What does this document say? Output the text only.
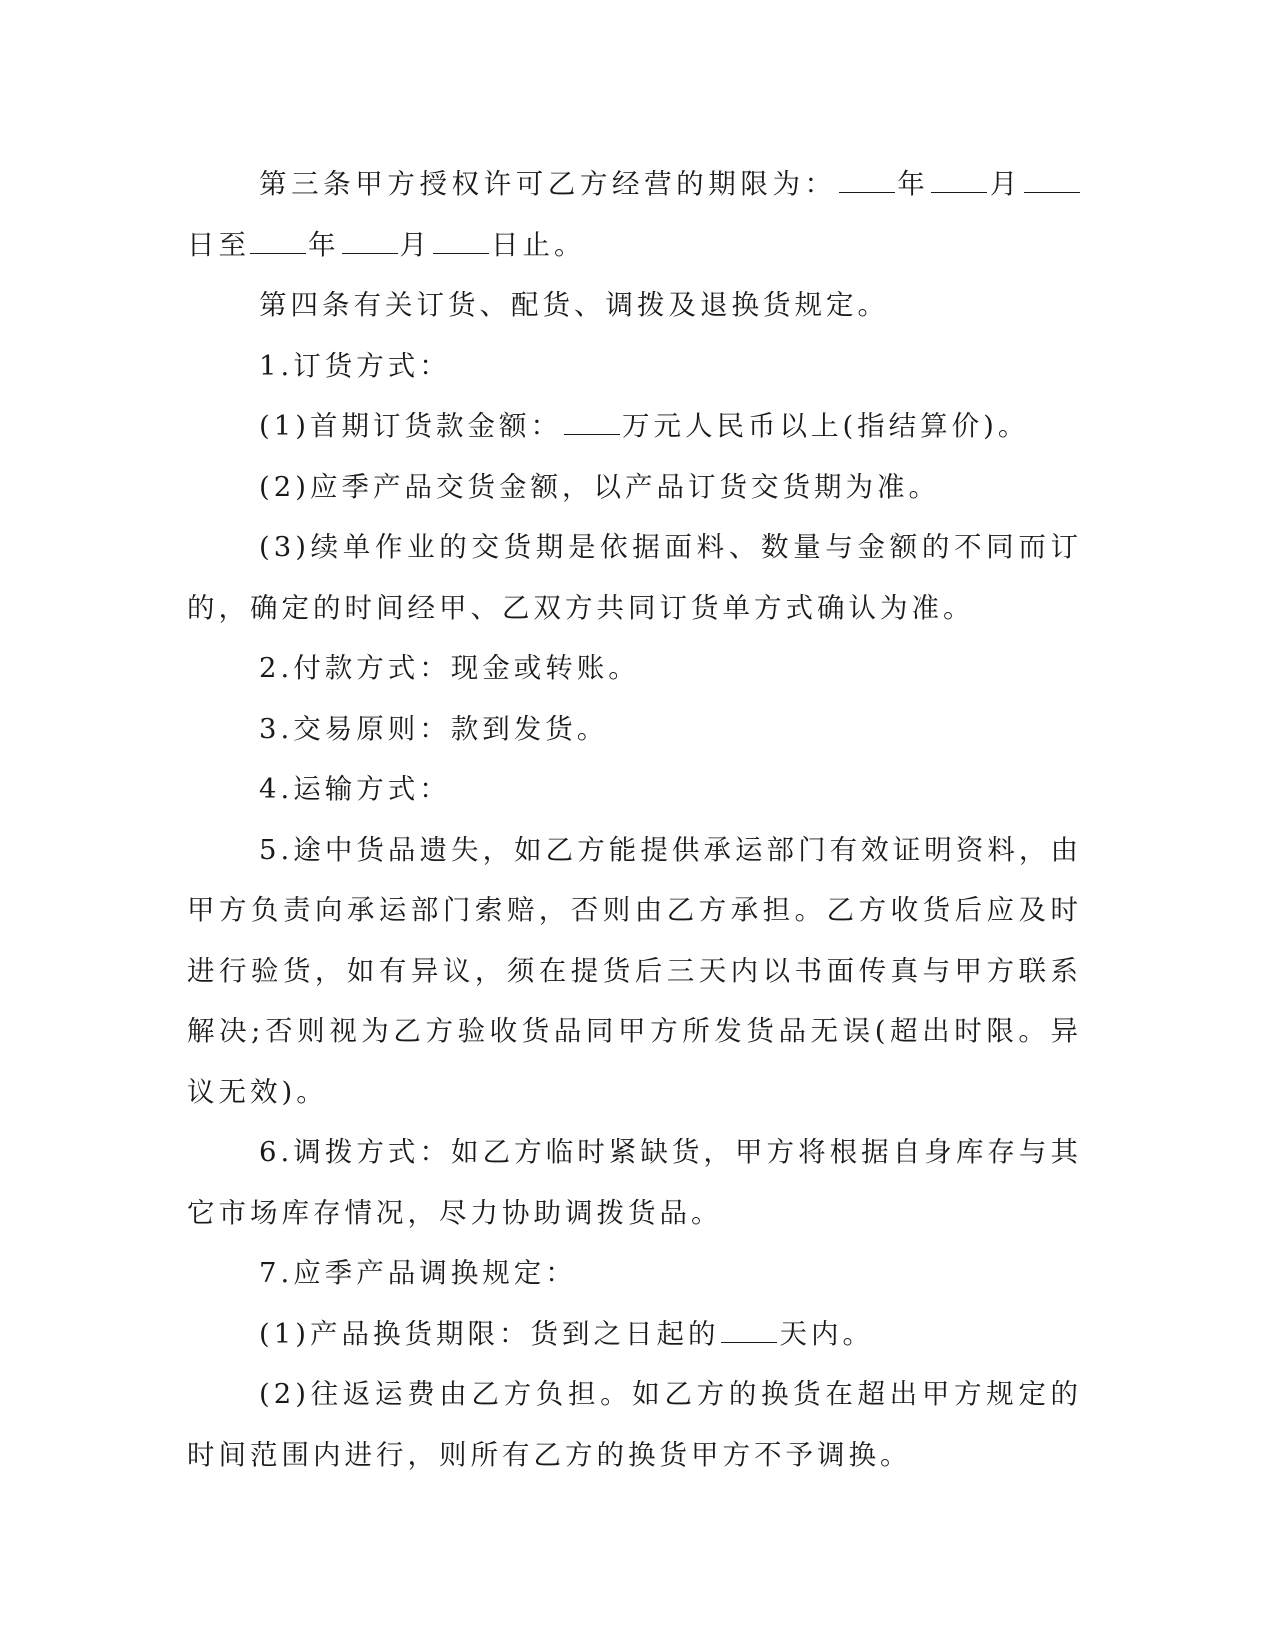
第三条甲方授权许可乙方经营的期限为： 年 月日至 年 月 日止。

第四条有关订货、配货、调拨及退换货规定。

1.订货方式：

(1)首期订货款金额： 万元人民币以上(指结算价)。

(2)应季产品交货金额，以产品订货交货期为准。

(3)续单作业的交货期是依据面料、数量与金额的不同而订的，确定的时间经甲、乙双方共同订货单方式确认为准。

2.付款方式：现金或转账。

3.交易原则：款到发货。

4.运输方式：

5.途中货品遗失，如乙方能提供承运部门有效证明资料，由甲方负责向承运部门索赔，否则由乙方承担。乙方收货后应及时进行验货，如有异议，须在提货后三天内以书面传真与甲方联系解决;否则视为乙方验收货品同甲方所发货品无误(超出时限。异议无效)。

6.调拨方式：如乙方临时紧缺货，甲方将根据自身库存与其它市场库存情况，尽力协助调拨货品。

7.应季产品调换规定：

(1)产品换货期限：货到之日起的 天内。

(2)往返运费由乙方负担。如乙方的换货在超出甲方规定的时间范围内进行，则所有乙方的换货甲方不予调换。
